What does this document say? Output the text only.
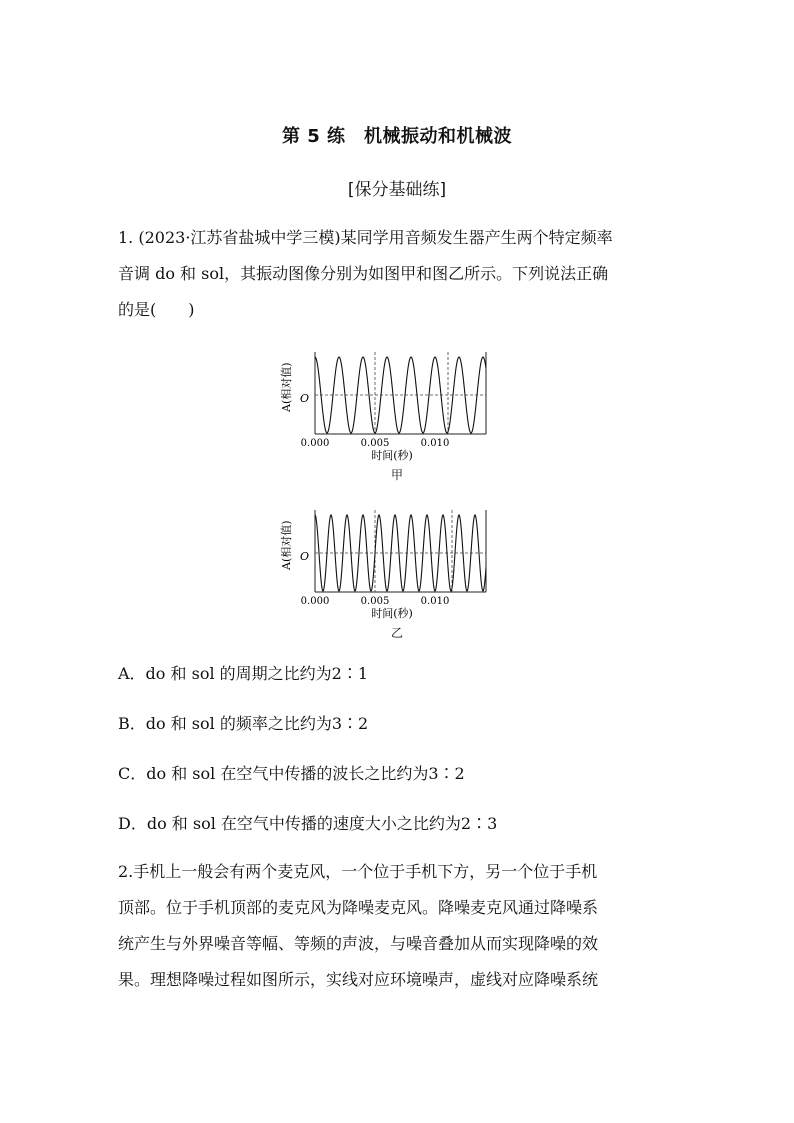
第 5 练　机械振动和机械波
[保分基础练]

1. (2023·江苏省盐城中学三模)某同学用音频发生器产生两个特定频率

音调 do 和 sol，其振动图像分别为如图甲和图乙所示。下列说法正确

的是(　　)

O
A(相对值)
0.000	0.005	0.010
时间(秒)
甲
O
A(相对值)
0.000	0.005	0.010
时间(秒)
乙
A．do 和 sol 的周期之比约为2∶1
B．do 和 sol 的频率之比约为3∶2
C．do 和 sol 在空气中传播的波长之比约为3∶2
D．do 和 sol 在空气中传播的速度大小之比约为2∶3

2.手机上一般会有两个麦克风，一个位于手机下方，另一个位于手机

顶部。位于手机顶部的麦克风为降噪麦克风。降噪麦克风通过降噪系

统产生与外界噪音等幅、等频的声波，与噪音叠加从而实现降噪的效

果。理想降噪过程如图所示，实线对应环境噪声，虚线对应降噪系统
